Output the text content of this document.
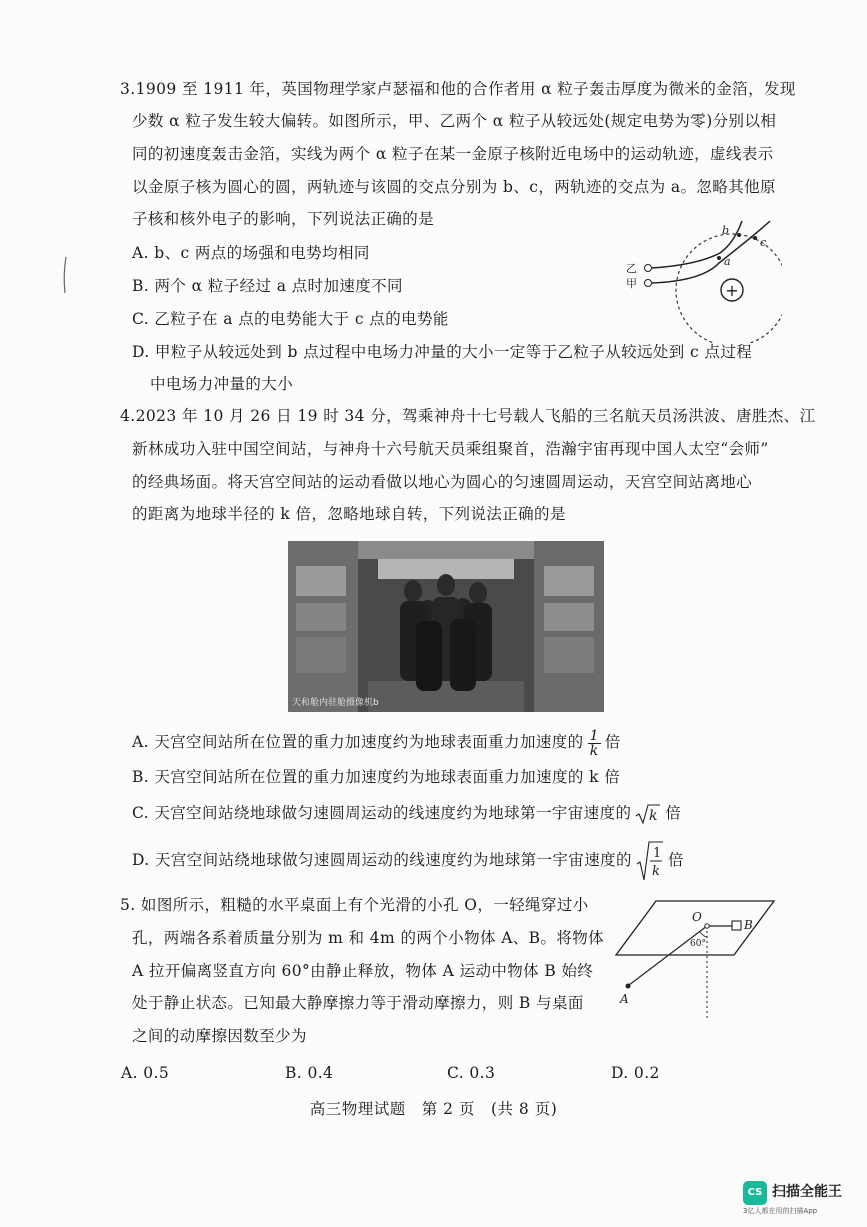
3.1909 至 1911 年，英国物理学家卢瑟福和他的合作者用 α 粒子轰击厚度为微米的金箔，发现
少数 α 粒子发生较大偏转。如图所示，甲、乙两个 α 粒子从较远处(规定电势为零)分别以相
同的初速度轰击金箔，实线为两个 α 粒子在某一金原子核附近电场中的运动轨迹，虚线表示
以金原子核为圆心的圆，两轨迹与该圆的交点分别为 b、c，两轨迹的交点为 a。忽略其他原
子核和核外电子的影响，下列说法正确的是
A. b、c 两点的场强和电势均相同
B. 两个 α 粒子经过 a 点时加速度不同
C. 乙粒子在 a 点的电势能大于 c 点的电势能
D. 甲粒子从较远处到 b 点过程中电场力冲量的大小一定等于乙粒子从较远处到 c 点过程
中电场力冲量的大小
+
乙
甲
a
b
c
4.2023 年 10 月 26 日 19 时 34 分，驾乘神舟十七号载人飞船的三名航天员汤洪波、唐胜杰、江
新林成功入驻中国空间站，与神舟十六号航天员乘组聚首，浩瀚宇宙再现中国人太空“会师”
的经典场面。将天宫空间站的运动看做以地心为圆心的匀速圆周运动，天宫空间站离地心
的距离为地球半径的 k 倍，忽略地球自转，下列说法正确的是
天和舱内驻舱摄像机b
A. 天宫空间站所在位置的重力加速度约为地球表面重力加速度的 $\frac{1}{k}$ 倍
B. 天宫空间站所在位置的重力加速度约为地球表面重力加速度的 k 倍
C. 天宫空间站绕地球做匀速圆周运动的线速度约为地球第一宇宙速度的 k 倍
D. 天宫空间站绕地球做匀速圆周运动的线速度约为地球第一宇宙速度的 1
k
倍
5. 如图所示，粗糙的水平桌面上有个光滑的小孔 O，一轻绳穿过小
孔，两端各系着质量分别为 m 和 4m 的两个小物体 A、B。将物体
A 拉开偏离竖直方向 60°由静止释放，物体 A 运动中物体 B 始终
处于静止状态。已知最大静摩擦力等于滑动摩擦力，则 B 与桌面
之间的动摩擦因数至少为
A. 0.5	B. 0.4	C. 0.3	D. 0.2
O
B
60°
A
高三物理试题　第 2 页　(共 8 页)
CS 扫描全能王
3亿人都在用的扫描App
